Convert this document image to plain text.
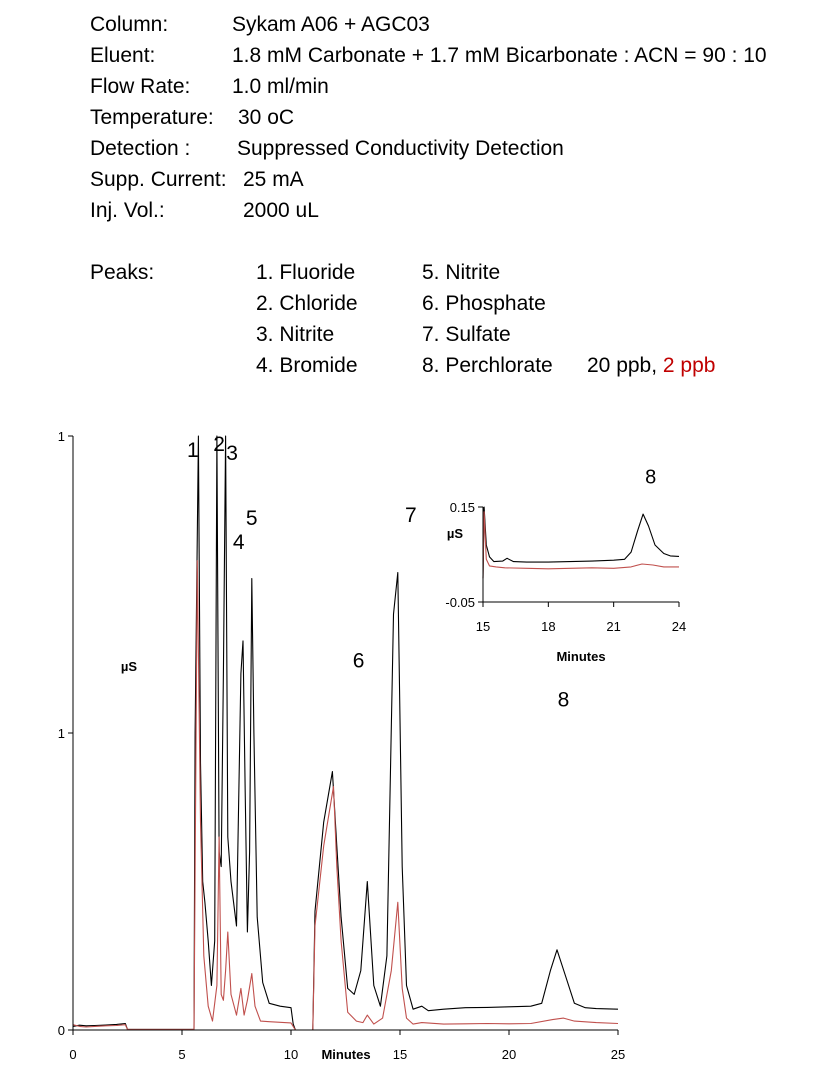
Column:	Sykam A06 + AGC03
Eluent:	1.8 mM Carbonate + 1.7 mM Bicarbonate : ACN = 90 : 10
Flow Rate: 1.0 ml/min
Temperature: 30 oC
Detection : Suppressed Conductivity Detection
Supp. Current: 25 mA
Inj. Vol.:	2000 uL
Peaks:	1. Fluoride
2. Chloride
3. Nitrite
4. Bromide
5. Nitrite
6. Phosphate
7. Sulfate
8. Perchlorate 20 ppb, 2 ppb
0	5	10	15	20	25
0
1
1
Minutes
µS
1 2 3
4
5
6
7
8
15	18	21	24
-0.05
0.15
Minutes
µS
8
